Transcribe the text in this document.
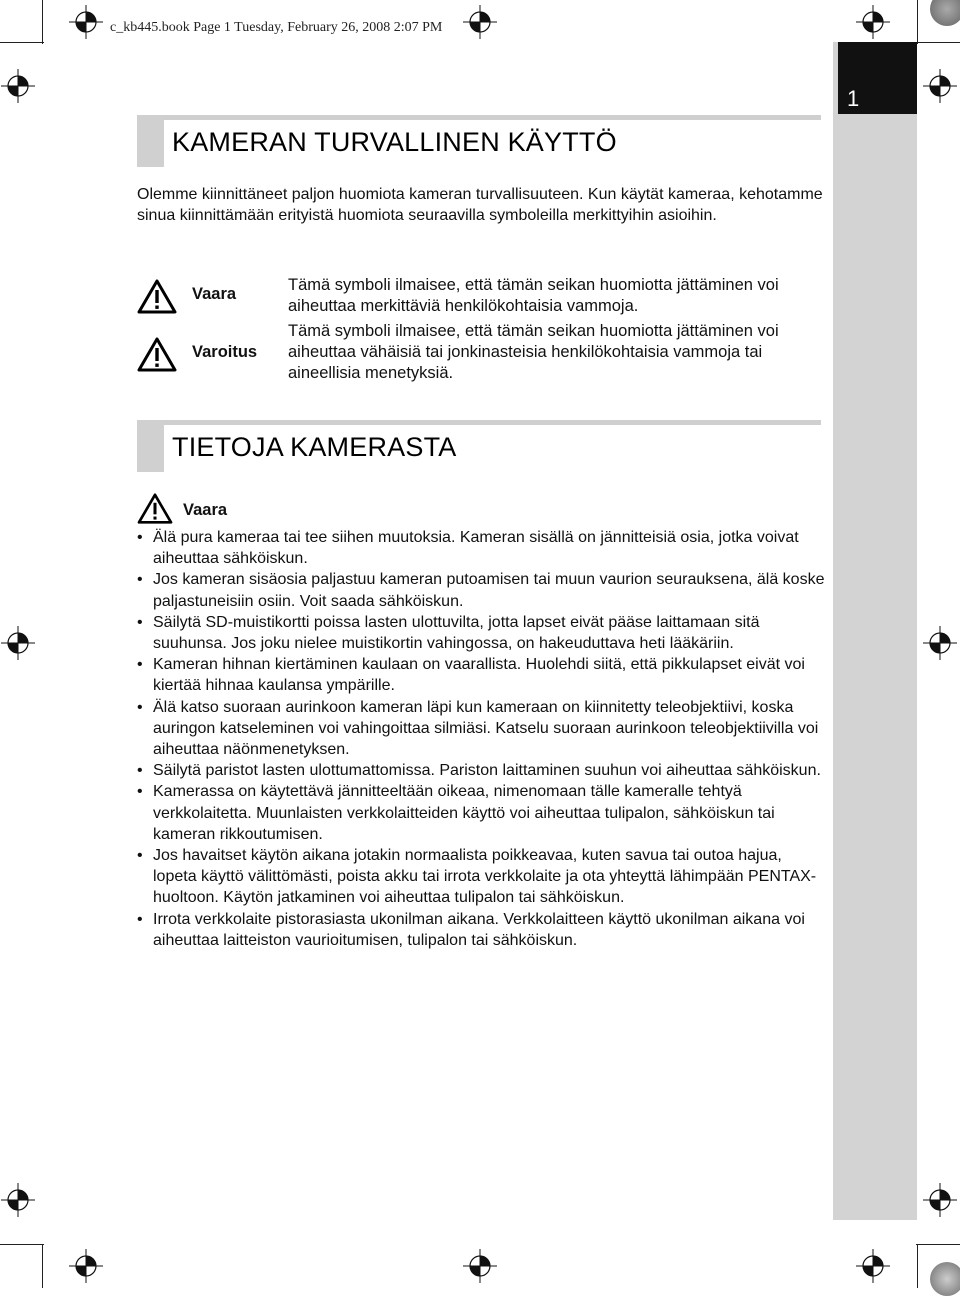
c_kb445.book Page 1 Tuesday, February 26, 2008 2:07 PM
1
KAMERAN TURVALLINEN KÄYTTÖ
Olemme kiinnittäneet paljon huomiota kameran turvallisuuteen. Kun käytät kameraa, kehotamme sinua kiinnittämään erityistä huomiota seuraavilla symboleilla merkittyihin asioihin.
Vaara	Tämä symboli ilmaisee, että tämän seikan huomiotta jättäminen voi aiheuttaa merkittäviä henkilökohtaisia vammoja.
Varoitus
Tämä symboli ilmaisee, että tämän seikan huomiotta jättäminen voi aiheuttaa vähäisiä tai jonkinasteisia henkilökohtaisia vammoja tai aineellisia menetyksiä.
TIETOJA KAMERASTA
Vaara
• Älä pura kameraa tai tee siihen muutoksia. Kameran sisällä on jännitteisiä osia, jotka voivat aiheuttaa sähköiskun.
• Jos kameran sisäosia paljastuu kameran putoamisen tai muun vaurion seurauksena, älä koske paljastuneisiin osiin. Voit saada sähköiskun.
• Säilytä SD-muistikortti poissa lasten ulottuvilta, jotta lapset eivät pääse laittamaan sitä suuhunsa. Jos joku nielee muistikortin vahingossa, on hakeuduttava heti lääkäriin.
• Kameran hihnan kiertäminen kaulaan on vaarallista. Huolehdi siitä, että pikkulapset eivät voi kiertää hihnaa kaulansa ympärille.
• Älä katso suoraan aurinkoon kameran läpi kun kameraan on kiinnitetty teleobjektiivi, koska auringon katseleminen voi vahingoittaa silmiäsi. Katselu suoraan aurinkoon teleobjektiivilla voi aiheuttaa näönmenetyksen.
• Säilytä paristot lasten ulottumattomissa. Pariston laittaminen suuhun voi aiheuttaa sähköiskun.
• Kamerassa on käytettävä jännitteeltään oikeaa, nimenomaan tälle kameralle tehtyä verkkolaitetta. Muunlaisten verkkolaitteiden käyttö voi aiheuttaa tulipalon, sähköiskun tai kameran rikkoutumisen.
• Jos havaitset käytön aikana jotakin normaalista poikkeavaa, kuten savua tai outoa hajua, lopeta käyttö välittömästi, poista akku tai irrota verkkolaite ja ota yhteyttä lähimpään PENTAX-huoltoon. Käytön jatkaminen voi aiheuttaa tulipalon tai sähköiskun.
• Irrota verkkolaite pistorasiasta ukonilman aikana. Verkkolaitteen käyttö ukonilman aikana voi aiheuttaa laitteiston vaurioitumisen, tulipalon tai sähköiskun.
